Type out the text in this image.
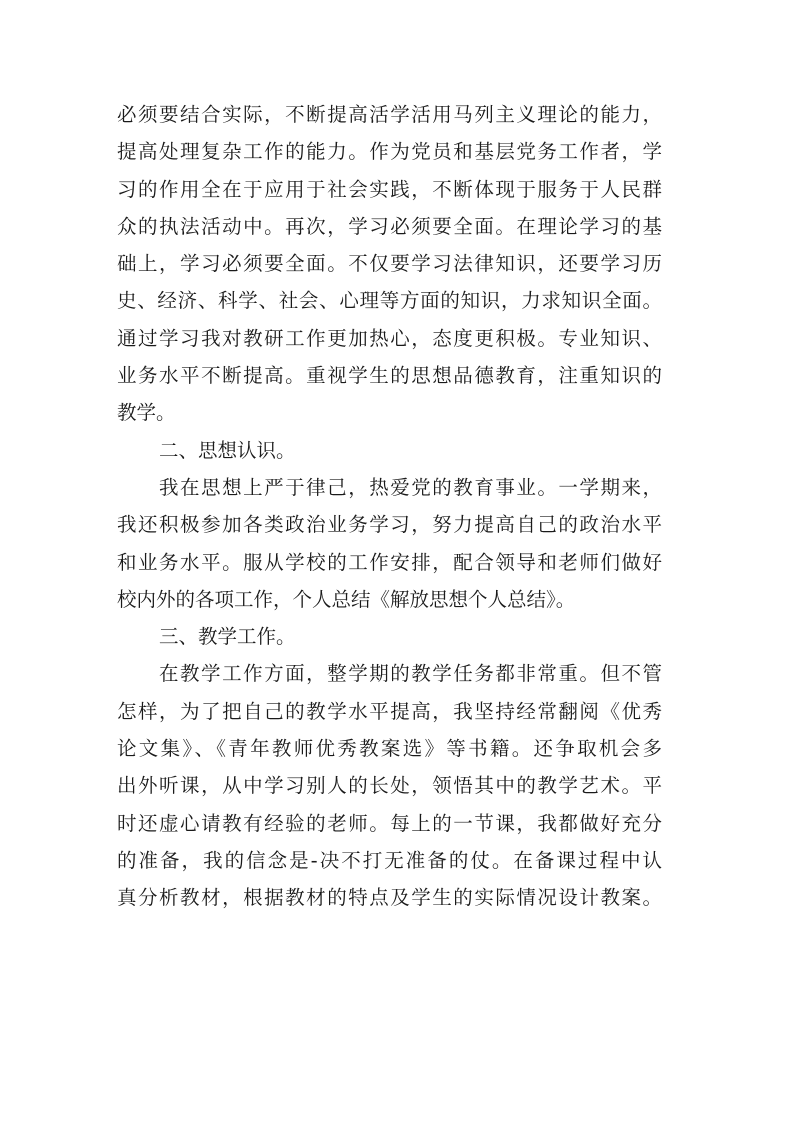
必须要结合实际，不断提高活学活用马列主义理论的能力，
提高处理复杂工作的能力。作为党员和基层党务工作者，学
习的作用全在于应用于社会实践，不断体现于服务于人民群
众的执法活动中。再次，学习必须要全面。在理论学习的基
础上，学习必须要全面。不仅要学习法律知识，还要学习历
史、经济、科学、社会、心理等方面的知识，力求知识全面。
通过学习我对教研工作更加热心，态度更积极。专业知识、
业务水平不断提高。重视学生的思想品德教育，注重知识的
教学。
二、思想认识。
我在思想上严于律己，热爱党的教育事业。一学期来，
我还积极参加各类政治业务学习，努力提高自己的政治水平
和业务水平。服从学校的工作安排，配合领导和老师们做好
校内外的各项工作，个人总结《解放思想个人总结》。
三、教学工作。
在教学工作方面，整学期的教学任务都非常重。但不管
怎样，为了把自己的教学水平提高，我坚持经常翻阅《优秀
论文集》、《青年教师优秀教案选》等书籍。还争取机会多
出外听课，从中学习别人的长处，领悟其中的教学艺术。平
时还虚心请教有经验的老师。每上的一节课，我都做好充分
的准备，我的信念是-决不打无准备的仗。在备课过程中认
真分析教材，根据教材的特点及学生的实际情况设计教案。
